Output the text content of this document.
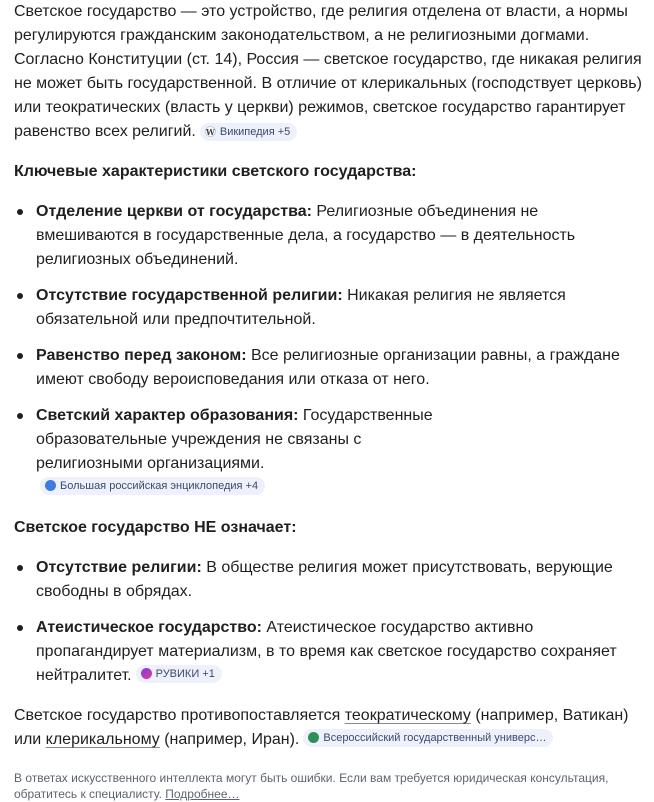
Светское государство — это устройство, где религия отделена от власти, а нормы регулируются гражданским законодательством, а не религиозными догмами. Согласно Конституции (ст. 14), Россия — светское государство, где никакая религия не может быть государственной. В отличие от клерикальных (господствует церковь) или теократических (власть у церкви) режимов, светское государство гарантирует равенство всех религий. W Википедия +5

Ключевые характеристики светского государства:

Отделение церкви от государства: Религиозные объединения не вмешиваются в государственные дела, а государство — в деятельность религиозных объединений.
Отсутствие государственной религии: Никакая религия не является обязательной или предпочтительной.
Равенство перед законом: Все религиозные организации равны, а граждане имеют свободу вероисповедания или отказа от него.
Светский характер образования: Государственные образовательные учреждения не связаны с религиозными организациями.
Большая российская энциклопедия +4

Светское государство НЕ означает:

Отсутствие религии: В обществе религия может присутствовать, верующие свободны в обрядах.
Атеистическое государство: Атеистическое государство активно пропагандирует материализм, в то время как светское государство сохраняет нейтралитет. РУВИКИ +1

Светское государство противопоставляется теократическому (например, Ватикан) или клерикальному (например, Иран). Всероссийский государственный универс…

В ответах искусственного интеллекта могут быть ошибки. Если вам требуется юридическая консультация, обратитесь к специалисту. Подробнее…
